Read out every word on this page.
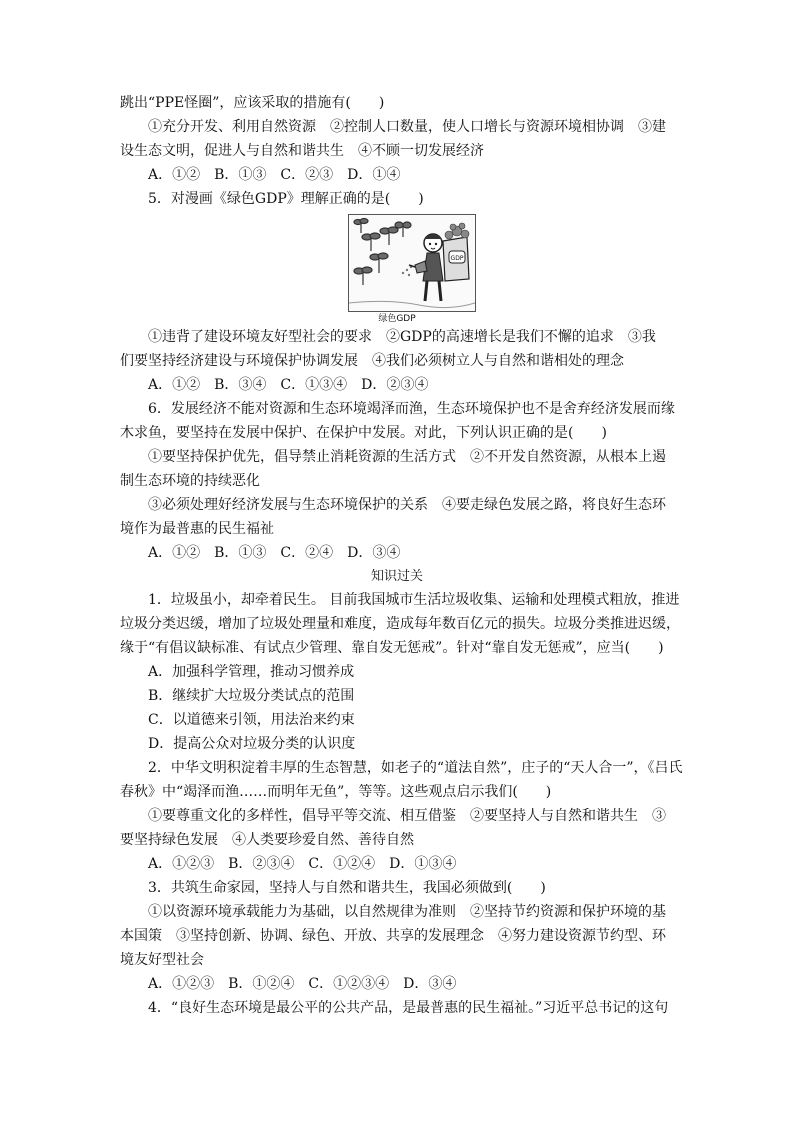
跳出“PPE怪圈”，应该采取的措施有(　　)
①充分开发、利用自然资源　②控制人口数量，使人口增长与资源环境相协调　③建
设生态文明，促进人与自然和谐共生　④不顾一切发展经济
A．①②　B．①③　C．②③　D．①④
5．对漫画《绿色GDP》理解正确的是(　　)
①违背了建设环境友好型社会的要求　②GDP的高速增长是我们不懈的追求　③我
们要坚持经济建设与环境保护协调发展　④我们必须树立人与自然和谐相处的理念
A．①②　B．③④　C．①③④　D．②③④
6．发展经济不能对资源和生态环境竭泽而渔，生态环境保护也不是舍弃经济发展而缘
木求鱼，要坚持在发展中保护、在保护中发展。对此，下列认识正确的是(　　)
①要坚持保护优先，倡导禁止消耗资源的生活方式　②不开发自然资源，从根本上遏
制生态环境的持续恶化
③必须处理好经济发展与生态环境保护的关系　④要走绿色发展之路，将良好生态环
境作为最普惠的民生福祉
A．①②　B．①③　C．②④　D．③④
知识过关
1．垃圾虽小，却牵着民生。 目前我国城市生活垃圾收集、运输和处理模式粗放，推进
垃圾分类迟缓，增加了垃圾处理量和难度，造成每年数百亿元的损失。垃圾分类推进迟缓，
缘于“有倡议缺标准、有试点少管理、靠自发无惩戒”。针对“靠自发无惩戒”，应当(　　)
A．加强科学管理，推动习惯养成
B．继续扩大垃圾分类试点的范围
C．以道德来引领，用法治来约束
D．提高公众对垃圾分类的认识度
2．中华文明积淀着丰厚的生态智慧，如老子的“道法自然”，庄子的“天人合一”，《吕氏
春秋》中“竭泽而渔……而明年无鱼”，等等。这些观点启示我们(　　)
①要尊重文化的多样性，倡导平等交流、相互借鉴　②要坚持人与自然和谐共生　③
要坚持绿色发展　④人类要珍爱自然、善待自然
A．①②③　B．②③④　C．①②④　D．①③④
3．共筑生命家园，坚持人与自然和谐共生，我国必须做到(　　)
①以资源环境承载能力为基础，以自然规律为准则　②坚持节约资源和保护环境的基
本国策　③坚持创新、协调、绿色、开放、共享的发展理念　④努力建设资源节约型、环
境友好型社会
A．①②③　B．①②④　C．①②③④　D．③④
4．“良好生态环境是最公平的公共产品，是最普惠的民生福祉。”习近平总书记的这句
GDP
绿色GDP
